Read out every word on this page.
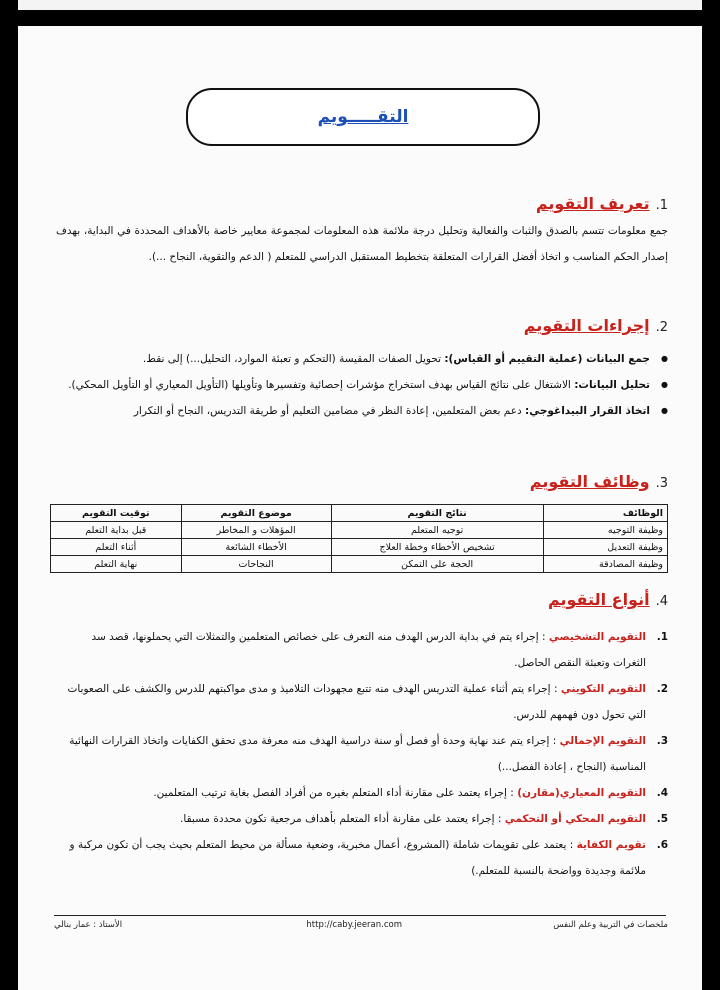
التقـــــويم
1.
تعريف التقويم
جمع معلومات تتسم بالصدق والثبات والفعالية وتحليل درجة ملائمة هذه المعلومات لمجموعة معايير خاصة بالأهداف المحددة في البداية، بهدف إصدار الحكم المناسب و اتخاذ أفضل القرارات المتعلقة بتخطيط المستقبل الدراسي للمتعلم ( الدعم والتقوية، النجاح ...).
2.
إجراءات التقويم
● جمع البيانات (عملية التقييم أو القياس): تحويل الصفات المقيسة (التحكم و تعبئة الموارد، التحليل...) إلى نقط.
● تحليل البيانات: الاشتغال على نتائج القياس بهدف استخراج مؤشرات إحصائية وتفسيرها وتأويلها (التأويل المعياري أو التأويل المحكي).
● اتخاذ القرار البيداغوجي: دعم بعض المتعلمين، إعادة النظر في مضامين التعليم أو طريقة التدريس، النجاح أو التكرار
3.
وظائف التقويم
الوظائف	نتائج التقويم	موضوع التقويم	توقيت التقويم
وظيفة التوجيه	توجيه المتعلم	المؤهلات و المخاطر	قبل بداية التعلم
وظيفة التعديل	تشخيص الأخطاء وخطة العلاج	الأخطاء الشائعة	أثناء التعلم
وظيفة المصادقة	الحجة على التمكن	النجاحات	نهاية التعلم
4.
أنواع التقويم
1.
التقويم التشخيصي : إجراء يتم في بداية الدرس الهدف منه التعرف على خصائص المتعلمين والتمثلات التي يحملونها، قصد سد الثغرات وتعبئة النقص الحاصل.
2.
التقويم التكويني : إجراء يتم أثناء عملية التدريس الهدف منه تتبع مجهودات التلاميذ و مدى مواكبتهم للدرس والكشف على الصعوبات التي تحول دون فهمهم للدرس.
3.
التقويم الإجمالي : إجراء يتم عند نهاية وحدة أو فصل أو سنة دراسية الهدف منه معرفة مدى تحقق الكفايات واتخاذ القرارات النهائية المناسبة (النجاح ، إعادة الفصل...)
4.
التقويم المعياري(مقارن) : إجراء يعتمد على مقارنة أداء المتعلم بغيره من أفراد الفصل بغاية ترتيب المتعلمين.
5.
التقويم المحكي أو التحكمي : إجراء يعتمد على مقارنة أداء المتعلم بأهداف مرجعية تكون محددة مسبقا.
6.
تقويم الكفاية : يعتمد على تقويمات شاملة (المشروع، أعمال مخبرية، وضعية مسألة من محيط المتعلم بحيث يجب أن تكون مركبة و ملائمة وجديدة وواضحة بالنسبة للمتعلم.)
ملخصات في التربية وعلم النفس
http://caby.jeeran.com
الأستاذ : عمار بنالي
